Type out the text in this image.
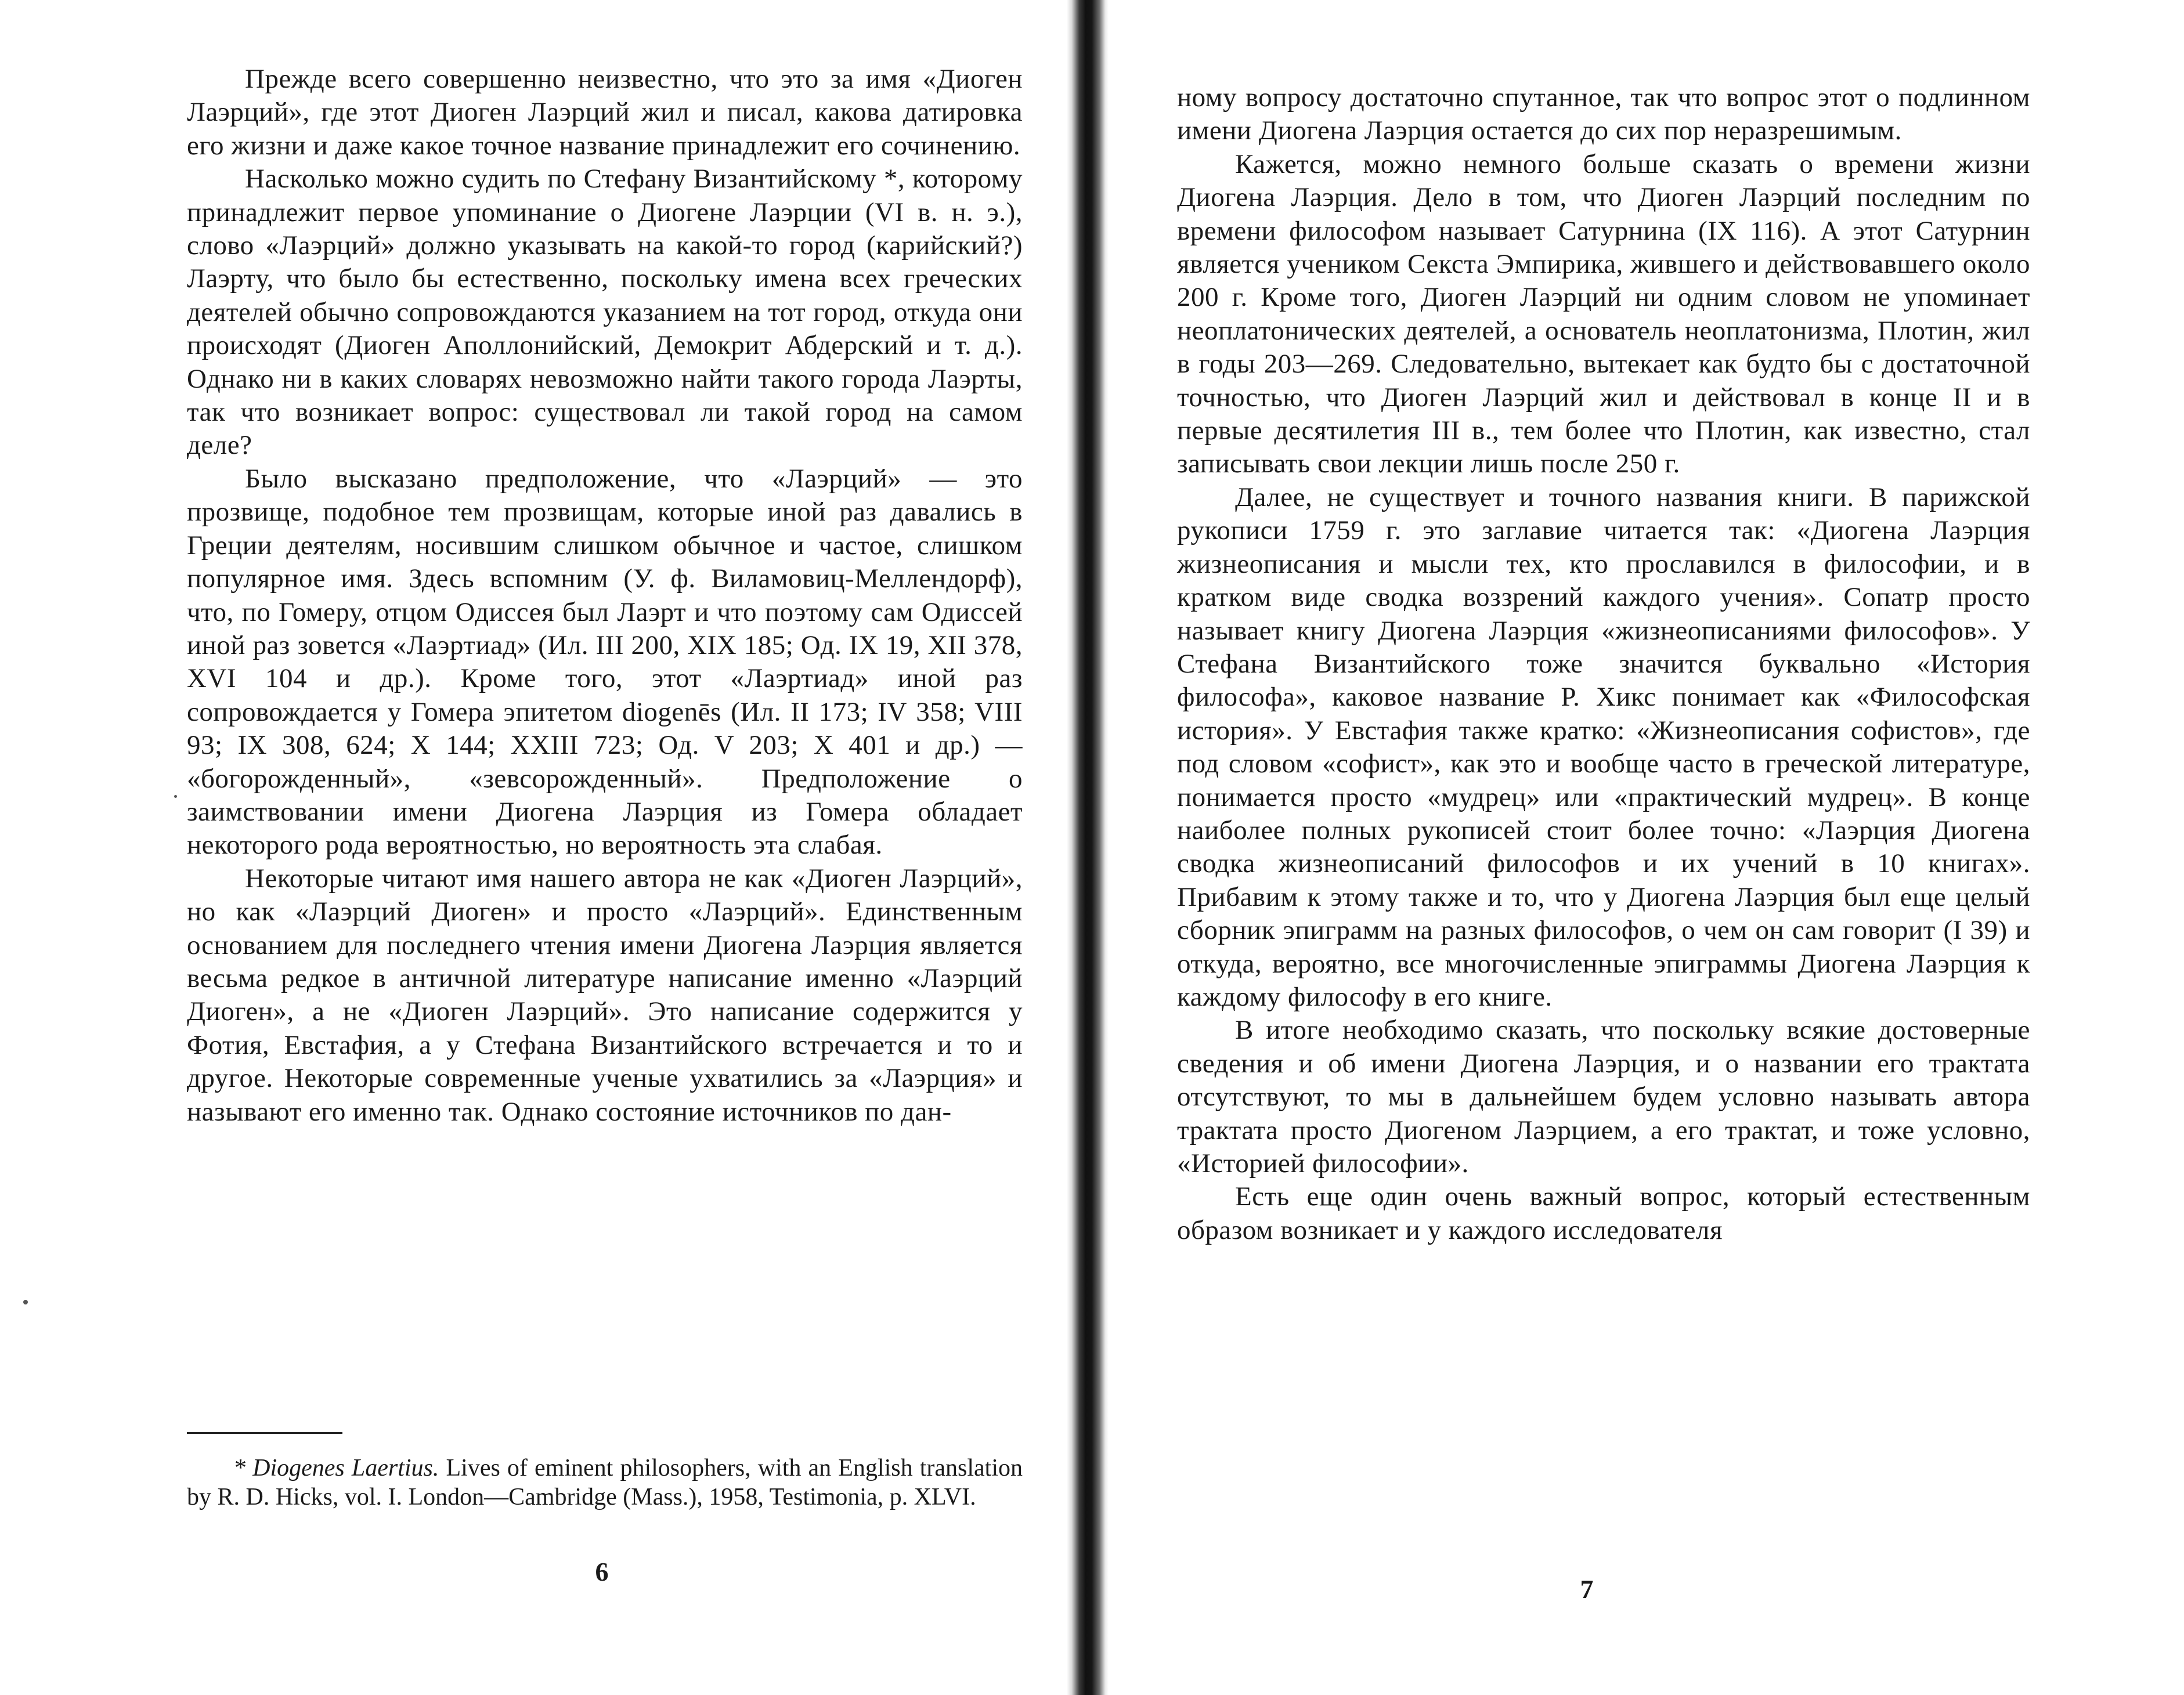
Прежде всего совершенно неизвестно, что это за имя «Диоген Лаэрций», где этот Диоген Лаэрций жил и писал, какова датировка его жизни и даже какое точное название принадлежит его сочинению.

Насколько можно судить по Стефану Византийскому *, которому принадлежит первое упоминание о Диогене Лаэрции (VI в. н. э.), слово «Лаэрций» должно указывать на какой-то город (карийский?) Лаэрту, что было бы естественно, поскольку имена всех греческих деятелей обычно сопровождаются указанием на тот город, откуда они происходят (Диоген Аполлонийский, Демокрит Абдерский и т. д.). Однако ни в каких словарях невозможно найти такого города Лаэрты, так что возникает вопрос: существовал ли такой город на самом деле?

Было высказано предположение, что «Лаэрций» — это прозвище, подобное тем прозвищам, которые иной раз давались в Греции деятелям, носившим слишком обычное и частое, слишком популярное имя. Здесь вспомним (У. ф. Виламовиц-Меллендорф), что, по Гомеру, отцом Одиссея был Лаэрт и что поэтому сам Одиссей иной раз зовется «Лаэртиад» (Ил. III 200, XIX 185; Од. IX 19, XII 378, XVI 104 и др.). Кроме того, этот «Лаэртиад» иной раз сопровождается у Гомера эпитетом diogenēs (Ил. II 173; IV 358; VIII 93; IX 308, 624; X 144; XXIII 723; Од. V 203; X 401 и др.) — «богорожденный», «зевсорожденный». Предположение о заимствовании имени Диогена Лаэрция из Гомера обладает некоторого рода вероятностью, но вероятность эта слабая.

Некоторые читают имя нашего автора не как «Диоген Лаэрций», но как «Лаэрций Диоген» и просто «Лаэрций». Единственным основанием для последнего чтения имени Диогена Лаэрция является весьма редкое в античной литературе написание именно «Лаэрций Диоген», а не «Диоген Лаэрций». Это написание содержится у Фотия, Евстафия, а у Стефана Византийского встречается и то и другое. Некоторые современные ученые ухватились за «Лаэрция» и называют его именно так. Однако состояние источников по дан-

* Diogenes Laertius. Lives of eminent philosophers, with an English translation by R. D. Hicks, vol. I. London—Cambridge (Mass.), 1958, Testimonia, p. XLVI.
6

ному вопросу достаточно спутанное, так что вопрос этот о подлинном имени Диогена Лаэрция остается до сих пор неразрешимым.

Кажется, можно немного больше сказать о времени жизни Диогена Лаэрция. Дело в том, что Диоген Лаэрций последним по времени философом называет Сатурнина (IX 116). А этот Сатурнин является учеником Секста Эмпирика, жившего и действовавшего около 200 г. Кроме того, Диоген Лаэрций ни одним словом не упоминает неоплатонических деятелей, а основатель неоплатонизма, Плотин, жил в годы 203—269. Следовательно, вытекает как будто бы с достаточной точностью, что Диоген Лаэрций жил и действовал в конце II и в первые десятилетия III в., тем более что Плотин, как известно, стал записывать свои лекции лишь после 250 г.

Далее, не существует и точного названия книги. В парижской рукописи 1759 г. это заглавие читается так: «Диогена Лаэрция жизнеописания и мысли тех, кто прославился в философии, и в кратком виде сводка воззрений каждого учения». Сопатр просто называет книгу Диогена Лаэрция «жизнеописаниями философов». У Стефана Византийского тоже значится буквально «История философа», каковое название Р. Хикс понимает как «Философская история». У Евстафия также кратко: «Жизнеописания софистов», где под словом «софист», как это и вообще часто в греческой литературе, понимается просто «мудрец» или «практический мудрец». В конце наиболее полных рукописей стоит более точно: «Лаэрция Диогена сводка жизнеописаний философов и их учений в 10 книгах». Прибавим к этому также и то, что у Диогена Лаэрция был еще целый сборник эпиграмм на разных философов, о чем он сам говорит (I 39) и откуда, вероятно, все многочисленные эпиграммы Диогена Лаэрция к каждому философу в его книге.

В итоге необходимо сказать, что поскольку всякие достоверные сведения и об имени Диогена Лаэрция, и о названии его трактата отсутствуют, то мы в дальнейшем будем условно называть автора трактата просто Диогеном Лаэрцием, а его трактат, и тоже условно, «Историей философии».

Есть еще один очень важный вопрос, который естественным образом возникает и у каждого исследователя

7
